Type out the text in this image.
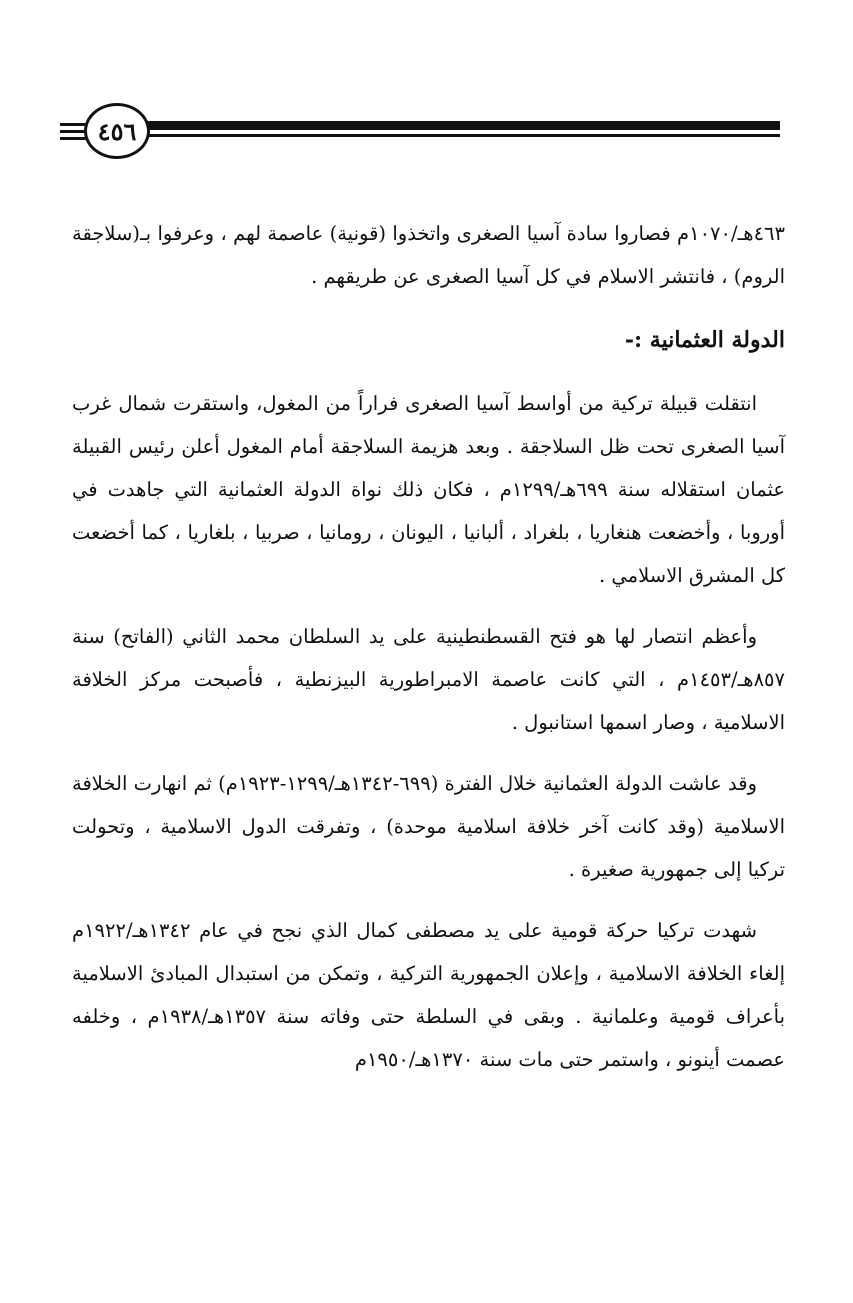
٤٥٦

٤٦٣هـ/١٠٧٠م فصاروا سادة آسيا الصغرى واتخذوا (قونية) عاصمة لهم ، وعرفوا بـ(سلاجقة الروم) ، فانتشر الاسلام في كل آسيا الصغرى عن طريقهم .

الدولة العثمانية :-

انتقلت قبيلة تركية من أواسط آسيا الصغرى فراراً من المغول، واستقرت شمال غرب آسيا الصغرى تحت ظل السلاجقة . وبعد هزيمة السلاجقة أمام المغول أعلن رئيس القبيلة عثمان استقلاله سنة ٦٩٩هـ/١٢٩٩م ، فكان ذلك نواة الدولة العثمانية التي جاهدت في أوروبا ، وأخضعت هنغاريا ، بلغراد ، ألبانيا ، اليونان ، رومانيا ، صربيا ، بلغاريا ، كما أخضعت كل المشرق الاسلامي .

وأعظم انتصار لها هو فتح القسطنطينية على يد السلطان محمد الثاني (الفاتح) سنة ٨٥٧هـ/١٤٥٣م ، التي كانت عاصمة الامبراطورية البيزنطية ، فأصبحت مركز الخلافة الاسلامية ، وصار اسمها استانبول .

وقد عاشت الدولة العثمانية خلال الفترة (٦٩٩-١٣٤٢هـ/١٢٩٩-١٩٢٣م) ثم انهارت الخلافة الاسلامية (وقد كانت آخر خلافة اسلامية موحدة) ، وتفرقت الدول الاسلامية ، وتحولت تركيا إلى جمهورية صغيرة .

شهدت تركيا حركة قومية على يد مصطفى كمال الذي نجح في عام ١٣٤٢هـ/١٩٢٢م إلغاء الخلافة الاسلامية ، وإعلان الجمهورية التركية ، وتمكن من استبدال المبادئ الاسلامية بأعراف قومية وعلمانية . وبقى في السلطة حتى وفاته سنة ١٣٥٧هـ/١٩٣٨م ، وخلفه عصمت أينونو ، واستمر حتى مات سنة ١٣٧٠هـ/١٩٥٠م
